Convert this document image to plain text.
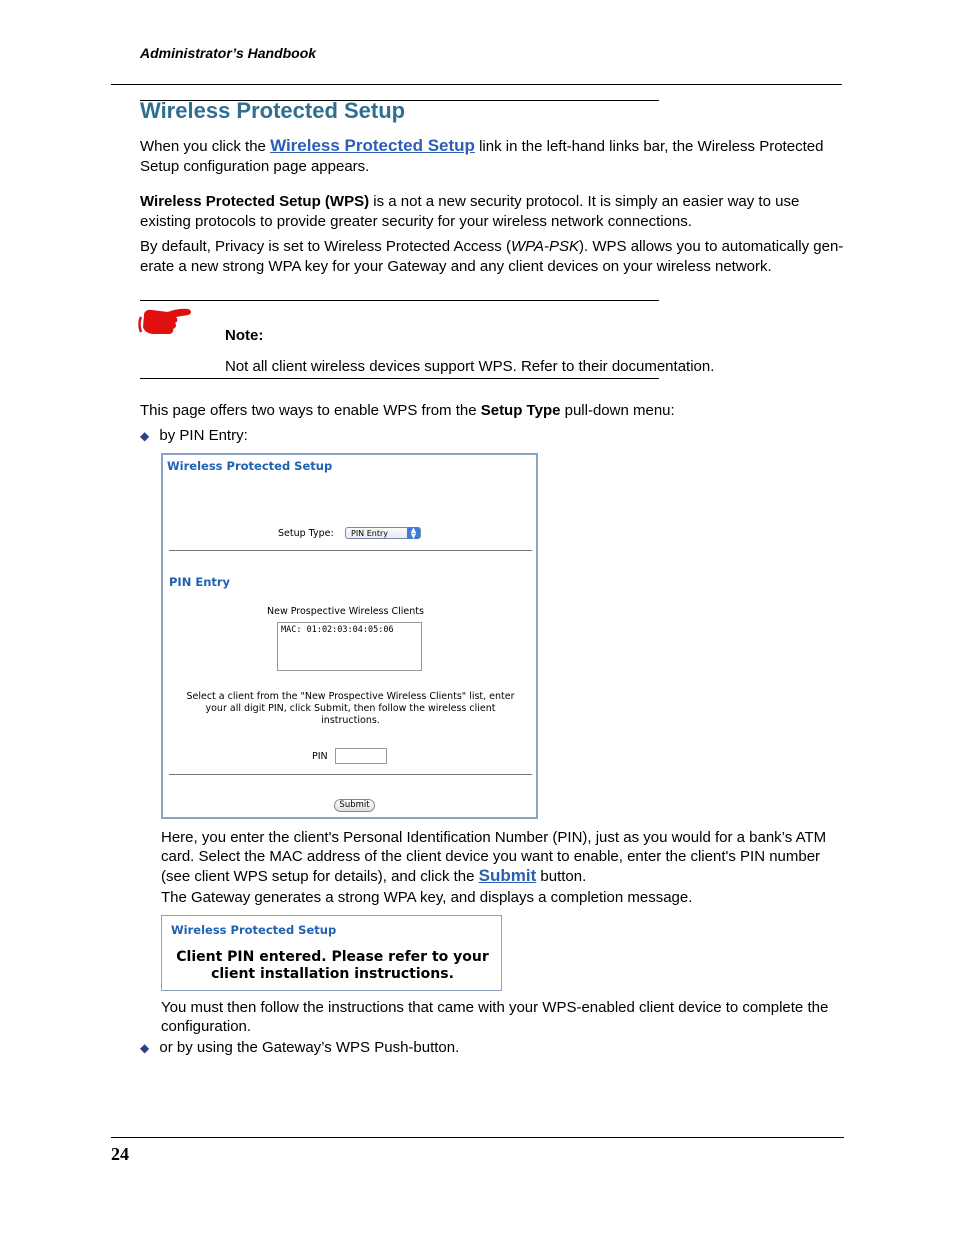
Administrator’s Handbook
Wireless Protected Setup
When you click the Wireless Protected Setup link in the left-hand links bar, the Wireless Protected
Setup configuration page appears.
Wireless Protected Setup (WPS) is a not a new security protocol. It is simply an easier way to use
existing protocols to provide greater security for your wireless network connections.
By default, Privacy is set to Wireless Protected Access (WPA-PSK). WPS allows you to automatically gen-
erate a new strong WPA key for your Gateway and any client devices on your wireless network.
Note:
Not all client wireless devices support WPS. Refer to their documentation.
This page offers two ways to enable WPS from the Setup Type pull-down menu:
◆ by PIN Entry:
Wireless Protected Setup
Setup Type:	PIN Entry	▲
▼
PIN Entry
New Prospective Wireless Clients
MAC: 01:02:03:04:05:06
Select a client from the "New Prospective Wireless Clients" list, enter
your all digit PIN, click Submit, then follow the wireless client
instructions.
PIN
Submit
Here, you enter the client's Personal Identification Number (PIN), just as you would for a bank’s ATM
card. Select the MAC address of the client device you want to enable, enter the client's PIN number
(see client WPS setup for details), and click the Submit button.
The Gateway generates a strong WPA key, and displays a completion message.
Wireless Protected Setup
Client PIN entered. Please refer to your
client installation instructions.
You must then follow the instructions that came with your WPS-enabled client device to complete the
configuration.
◆ or by using the Gateway’s WPS Push-button.
24
